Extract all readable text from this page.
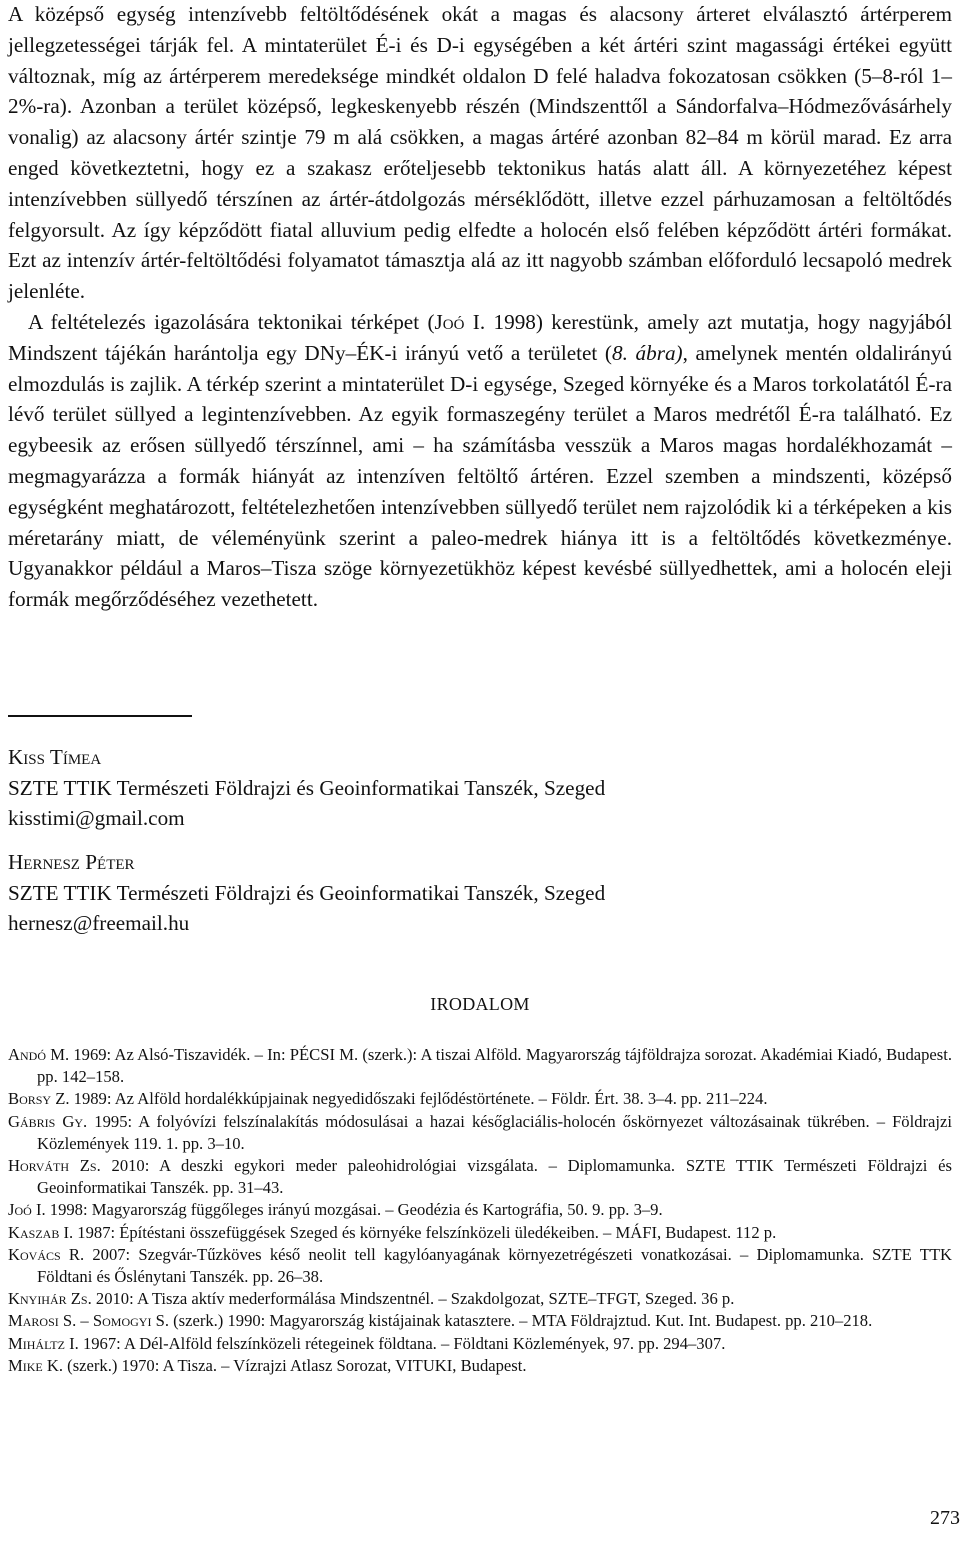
A középső egység intenzívebb feltöltődésének okát a magas és alacsony árteret elválasztó ártérperem jellegzetességei tárják fel. A mintaterület É-i és D-i egységében a két ártéri szint magassági értékei együtt változnak, míg az ártérperem meredeksége mindkét oldalon D felé haladva fokozatosan csökken (5–8-ról 1–2%-ra). Azonban a terület középső, legkeskenyebb részén (Mindszenttől a Sándorfalva–Hódmezővásárhely vonalig) az alacsony ártér szintje 79 m alá csökken, a magas ártéré azonban 82–84 m körül marad. Ez arra enged következtetni, hogy ez a szakasz erőteljesebb tektonikus hatás alatt áll. A környezetéhez képest intenzívebben süllyedő térszínen az ártér-átdolgozás mérséklődött, illetve ezzel párhuzamosan a feltöltődés felgyorsult. Az így képződött fiatal alluvium pedig elfedte a holocén első felében képződött ártéri formákat. Ezt az intenzív ártér-feltöltődési folyamatot támasztja alá az itt nagyobb számban előforduló lecsapoló medrek jelenléte.

A feltételezés igazolására tektonikai térképet (Joó I. 1998) kerestünk, amely azt mutatja, hogy nagyjából Mindszent tájékán harántolja egy DNy–ÉK-i irányú vető a területet (8. ábra), amelynek mentén oldalirányú elmozdulás is zajlik. A térkép szerint a mintaterület D-i egysége, Szeged környéke és a Maros torkolatától É-ra lévő terület süllyed a legintenzívebben. Az egyik formaszegény terület a Maros medrétől É-ra található. Ez egybeesik az erősen süllyedő térszínnel, ami – ha számításba vesszük a Maros magas hordalékhozamát – megmagyarázza a formák hiányát az intenzíven feltöltő ártéren. Ezzel szemben a mindszenti, középső egységként meghatározott, feltételezhetően intenzívebben süllyedő terület nem rajzolódik ki a térképeken a kis méretarány miatt, de véleményünk szerint a paleo-medrek hiánya itt is a feltöltődés következménye. Ugyanakkor például a Maros–Tisza szöge környezetükhöz képest kevésbé süllyedhettek, ami a holocén eleji formák megőrződéséhez vezethetett.

Kiss Tímea
SZTE TTIK Természeti Földrajzi és Geoinformatikai Tanszék, Szeged
kisstimi@gmail.com
Hernesz Péter
SZTE TTIK Természeti Földrajzi és Geoinformatikai Tanszék, Szeged
hernesz@freemail.hu
IRODALOM

Andó M. 1969: Az Alsó-Tiszavidék. – In: PÉCSI M. (szerk.): A tiszai Alföld. Magyarország tájföldrajza sorozat. Akadémiai Kiadó, Budapest. pp. 142–158.

Borsy Z. 1989: Az Alföld hordalékkúpjainak negyedidőszaki fejlődéstörténete. – Földr. Ért. 38. 3–4. pp. 211–224.

Gábris Gy. 1995: A folyóvízi felszínalakítás módosulásai a hazai későglaciális-holocén őskörnyezet változásainak tükrében. – Földrajzi Közlemények 119. 1. pp. 3–10.

Horváth Zs. 2010: A deszki egykori meder paleohidrológiai vizsgálata. – Diplomamunka. SZTE TTIK Természeti Földrajzi és Geoinformatikai Tanszék. pp. 31–43.

Joó I. 1998: Magyarország függőleges irányú mozgásai. – Geodézia és Kartográfia, 50. 9. pp. 3–9.

Kaszab I. 1987: Építéstani összefüggések Szeged és környéke felszínközeli üledékeiben. – MÁFI, Budapest. 112 p.

Kovács R. 2007: Szegvár-Tűzköves késő neolit tell kagylóanyagának környezetrégészeti vonatkozásai. – Diplomamunka. SZTE TTK Földtani és Őslénytani Tanszék. pp. 26–38.

Knyihár Zs. 2010: A Tisza aktív mederformálása Mindszentnél. – Szakdolgozat, SZTE–TFGT, Szeged. 36 p.

Marosi S. – Somogyi S. (szerk.) 1990: Magyarország kistájainak katasztere. – MTA Földrajztud. Kut. Int. Budapest. pp. 210–218.

Miháltz I. 1967: A Dél-Alföld felszínközeli rétegeinek földtana. – Földtani Közlemények, 97. pp. 294–307.

Mike K. (szerk.) 1970: A Tisza. – Vízrajzi Atlasz Sorozat, VITUKI, Budapest.

273
